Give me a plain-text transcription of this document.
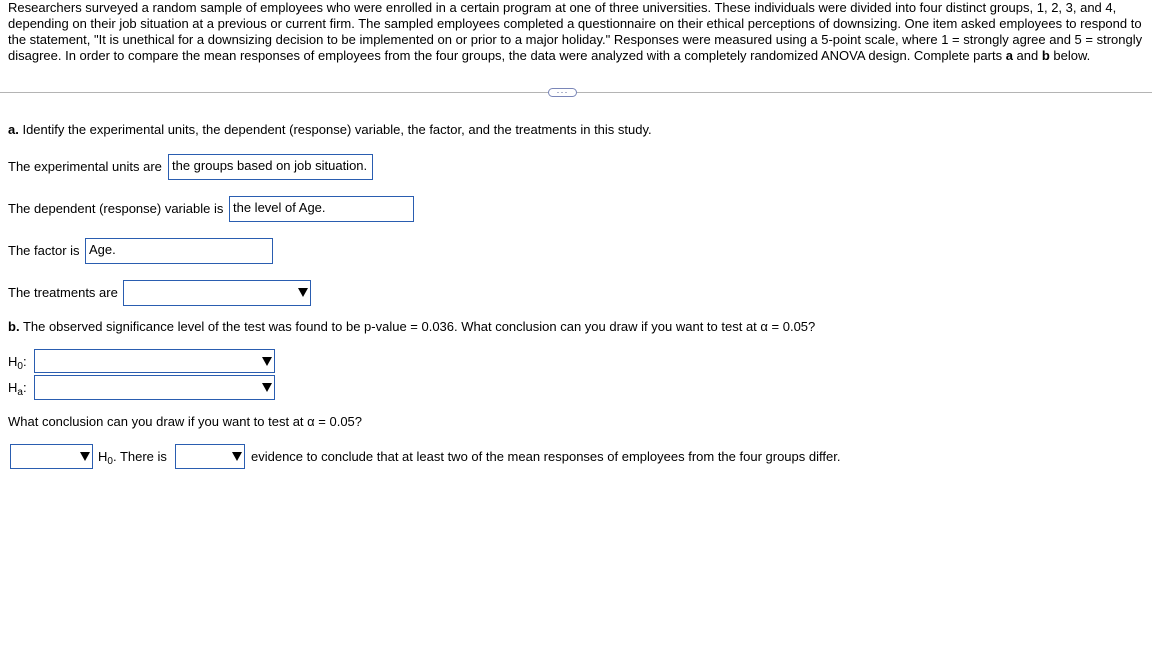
Researchers surveyed a random sample of employees who were enrolled in a certain program at one of three universities. These individuals were divided into four distinct groups, 1, 2, 3, and 4, depending on their job situation at a previous or current firm. The sampled employees completed a questionnaire on their ethical perceptions of downsizing. One item asked employees to respond to the statement, "It is unethical for a downsizing decision to be implemented on or prior to a major holiday." Responses were measured using a 5-point scale, where 1 = strongly agree and 5 = strongly disagree. In order to compare the mean responses of employees from the four groups, the data were analyzed with a completely randomized ANOVA design. Complete parts a and b below.

···
a. Identify the experimental units, the dependent (response) variable, the factor, and the treatments in this study.
The experimental units are the groups based on job situation.
The dependent (response) variable is the level of Age.
The factor is Age.
The treatments are
b. The observed significance level of the test was found to be p-value = 0.036. What conclusion can you draw if you want to test at α = 0.05?
$H_0$:
$H_a$:
What conclusion can you draw if you want to test at α = 0.05?
$H_0$. There is	evidence to conclude that at least two of the mean responses of employees from the four groups differ.
